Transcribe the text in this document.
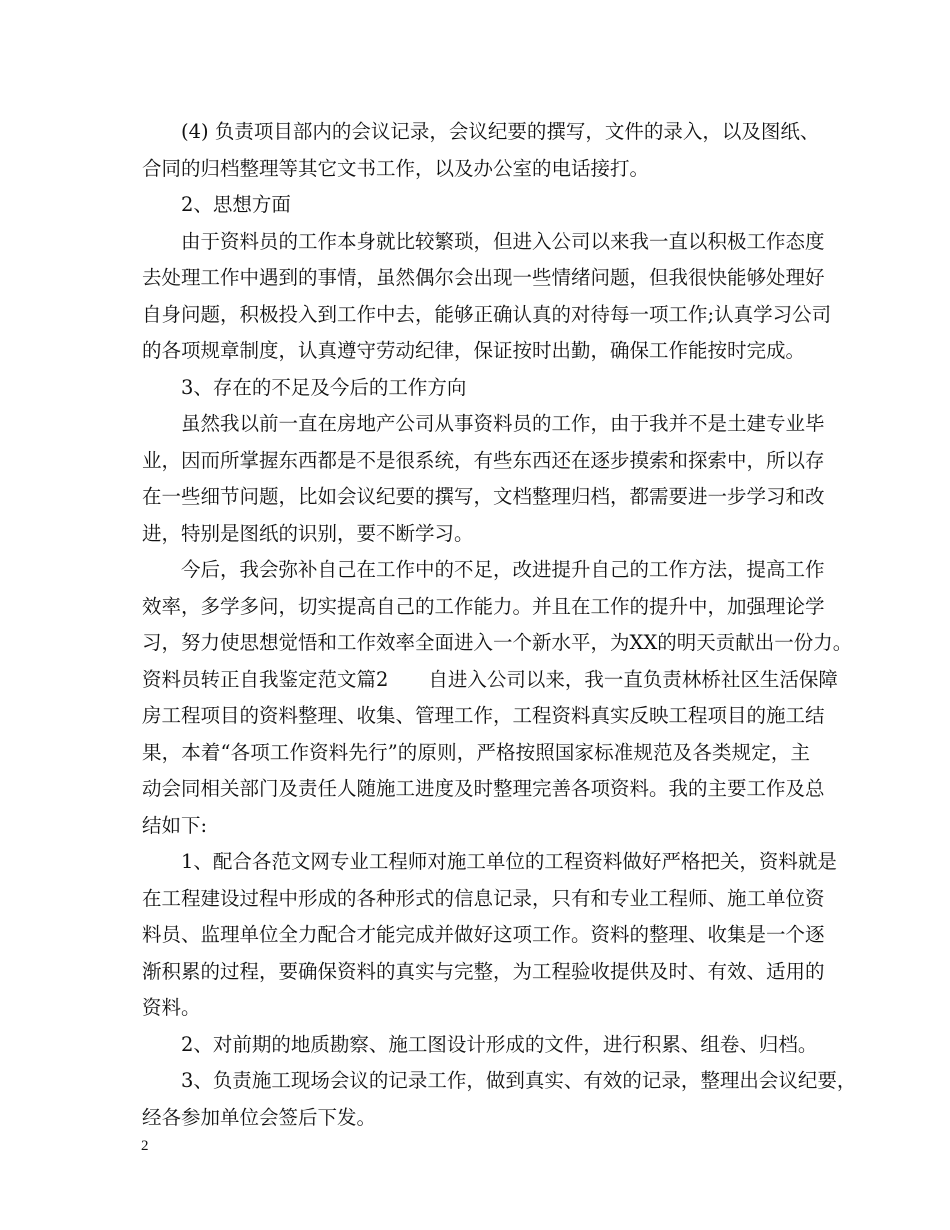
(4) 负责项目部内的会议记录，会议纪要的撰写，文件的录入，以及图纸、
合同的归档整理等其它文书工作，以及办公室的电话接打。
2、思想方面
由于资料员的工作本身就比较繁琐，但进入公司以来我一直以积极工作态度
去处理工作中遇到的事情，虽然偶尔会出现一些情绪问题，但我很快能够处理好
自身问题，积极投入到工作中去，能够正确认真的对待每一项工作;认真学习公司
的各项规章制度，认真遵守劳动纪律，保证按时出勤，确保工作能按时完成。
3、存在的不足及今后的工作方向
虽然我以前一直在房地产公司从事资料员的工作，由于我并不是土建专业毕
业，因而所掌握东西都是不是很系统，有些东西还在逐步摸索和探索中，所以存
在一些细节问题，比如会议纪要的撰写，文档整理归档，都需要进一步学习和改
进，特别是图纸的识别，要不断学习。
今后，我会弥补自己在工作中的不足，改进提升自己的工作方法，提高工作
效率，多学多问，切实提高自己的工作能力。并且在工作的提升中，加强理论学
习，努力使思想觉悟和工作效率全面进入一个新水平，为XX的明天贡献出一份力。
资料员转正自我鉴定范文篇2 自进入公司以来，我一直负责林桥社区生活保障
房工程项目的资料整理、收集、管理工作，工程资料真实反映工程项目的施工结
果，本着“各项工作资料先行”的原则，严格按照国家标准规范及各类规定，主
动会同相关部门及责任人随施工进度及时整理完善各项资料。我的主要工作及总
结如下:
1、配合各范文网专业工程师对施工单位的工程资料做好严格把关，资料就是
在工程建设过程中形成的各种形式的信息记录，只有和专业工程师、施工单位资
料员、监理单位全力配合才能完成并做好这项工作。资料的整理、收集是一个逐
渐积累的过程，要确保资料的真实与完整，为工程验收提供及时、有效、适用的
资料。
2、对前期的地质勘察、施工图设计形成的文件，进行积累、组卷、归档。
3、负责施工现场会议的记录工作，做到真实、有效的记录，整理出会议纪要，
经各参加单位会签后下发。
2
